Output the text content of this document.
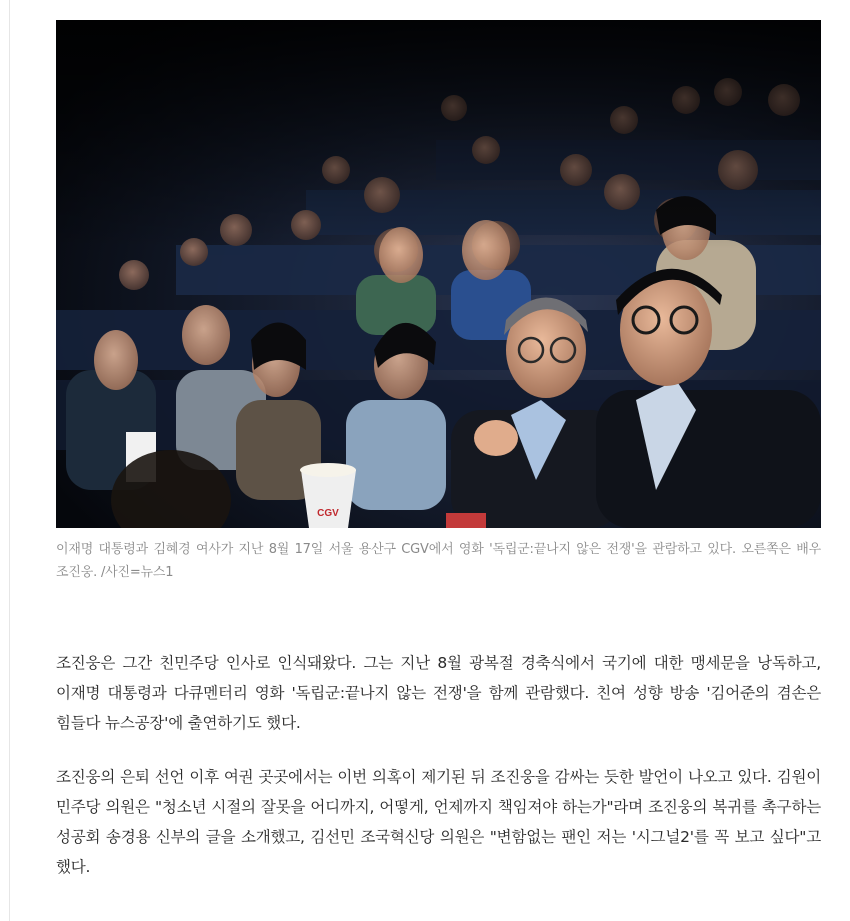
이재명 대통령과 김혜경 여사가 지난 8월 17일 서울 용산구 CGV에서 영화 '독립군:끝나지 않은 전쟁'을 관람하고 있다. 오른쪽은 배우 조진웅. /사진=뉴스1

조진웅은 그간 친민주당 인사로 인식돼왔다. 그는 지난 8월 광복절 경축식에서 국기에 대한 맹세문을 낭독하고, 이재명 대통령과 다큐멘터리 영화 '독립군:끝나지 않는 전쟁'을 함께 관람했다. 친여 성향 방송 '김어준의 겸손은 힘들다 뉴스공장'에 출연하기도 했다.

조진웅의 은퇴 선언 이후 여권 곳곳에서는 이번 의혹이 제기된 뒤 조진웅을 감싸는 듯한 발언이 나오고 있다. 김원이 민주당 의원은 "청소년 시절의 잘못을 어디까지, 어떻게, 언제까지 책임져야 하는가"라며 조진웅의 복귀를 촉구하는 성공회 송경용 신부의 글을 소개했고, 김선민 조국혁신당 의원은 "변함없는 팬인 저는 '시그널2'를 꼭 보고 싶다"고 했다.
